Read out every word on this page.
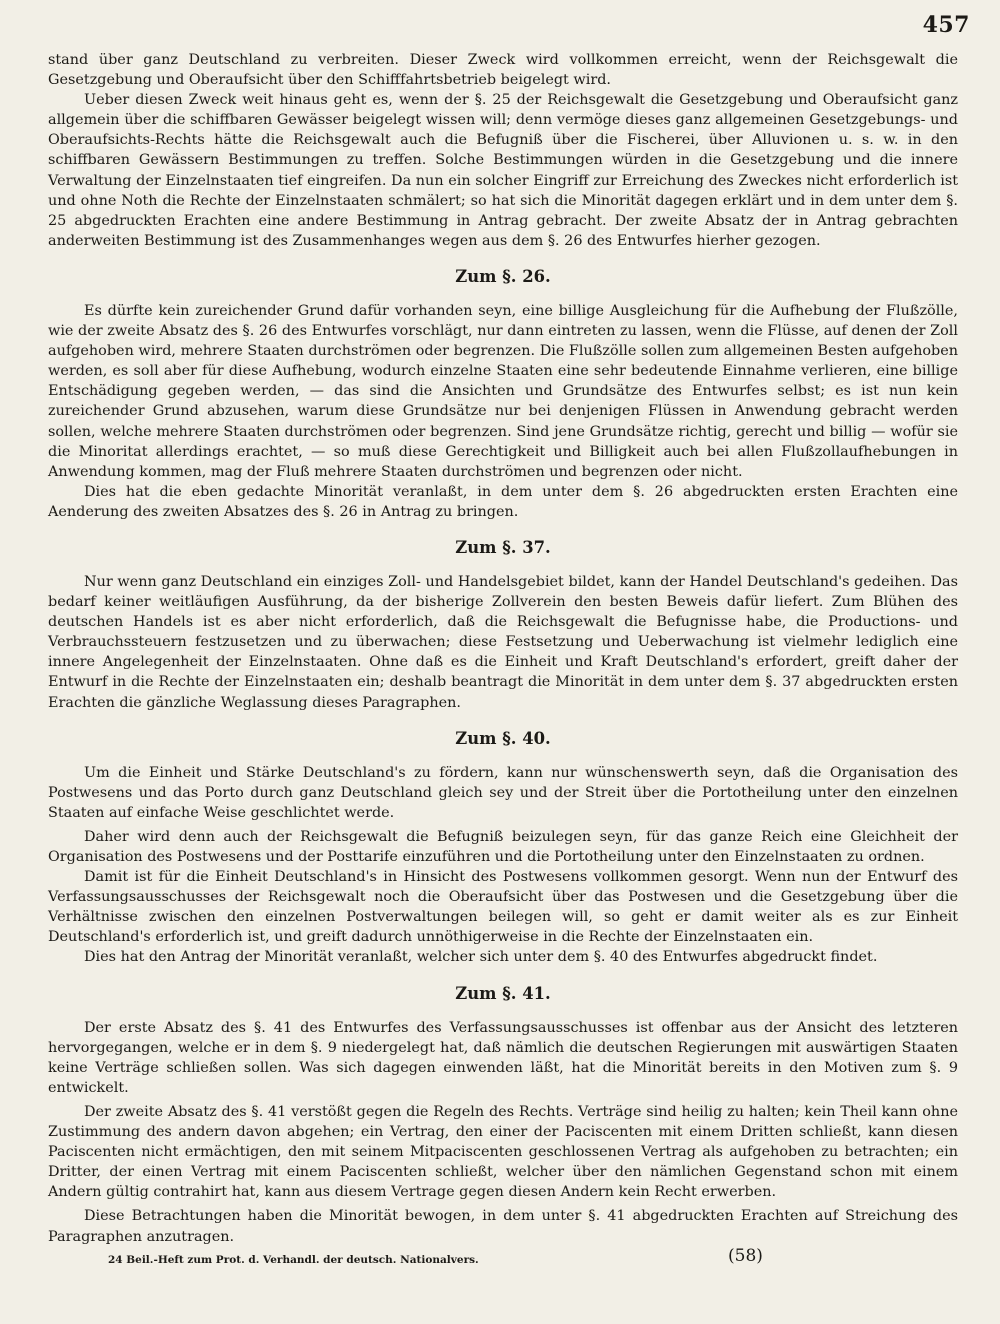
457

stand über ganz Deutschland zu verbreiten. Dieser Zweck wird vollkommen erreicht, wenn der Reichsgewalt die Gesetzgebung und Oberaufsicht über den Schifffahrtsbetrieb beigelegt wird.

Ueber diesen Zweck weit hinaus geht es, wenn der §. 25 der Reichsgewalt die Gesetzgebung und Oberaufsicht ganz allgemein über die schiffbaren Gewässer beigelegt wissen will; denn vermöge dieses ganz allgemeinen Gesetzgebungs- und Oberaufsichts-Rechts hätte die Reichsgewalt auch die Befugniß über die Fischerei, über Alluvionen u. s. w. in den schiffbaren Gewässern Bestimmungen zu treffen. Solche Bestimmungen würden in die Gesetzgebung und die innere Verwaltung der Einzelnstaaten tief eingreifen. Da nun ein solcher Eingriff zur Erreichung des Zweckes nicht erforderlich ist und ohne Noth die Rechte der Einzelnstaaten schmälert; so hat sich die Minorität dagegen erklärt und in dem unter dem §. 25 abgedruckten Erachten eine andere Bestimmung in Antrag gebracht. Der zweite Absatz der in Antrag gebrachten anderweiten Bestimmung ist des Zusammenhanges wegen aus dem §. 26 des Entwurfes hierher gezogen.

Zum §. 26.

Es dürfte kein zureichender Grund dafür vorhanden seyn, eine billige Ausgleichung für die Aufhebung der Flußzölle, wie der zweite Absatz des §. 26 des Entwurfes vorschlägt, nur dann eintreten zu lassen, wenn die Flüsse, auf denen der Zoll aufgehoben wird, mehrere Staaten durchströmen oder begrenzen. Die Flußzölle sollen zum allgemeinen Besten aufgehoben werden, es soll aber für diese Aufhebung, wodurch einzelne Staaten eine sehr bedeutende Einnahme verlieren, eine billige Entschädigung gegeben werden, — das sind die Ansichten und Grundsätze des Entwurfes selbst; es ist nun kein zureichender Grund abzusehen, warum diese Grundsätze nur bei denjenigen Flüssen in Anwendung gebracht werden sollen, welche mehrere Staaten durchströmen oder begrenzen. Sind jene Grundsätze richtig, gerecht und billig — wofür sie die Minoritat allerdings erachtet, — so muß diese Gerechtigkeit und Billigkeit auch bei allen Flußzollaufhebungen in Anwendung kommen, mag der Fluß mehrere Staaten durchströmen und begrenzen oder nicht.

Dies hat die eben gedachte Minorität veranlaßt, in dem unter dem §. 26 abgedruckten ersten Erachten eine Aenderung des zweiten Absatzes des §. 26 in Antrag zu bringen.

Zum §. 37.

Nur wenn ganz Deutschland ein einziges Zoll- und Handelsgebiet bildet, kann der Handel Deutschland's gedeihen. Das bedarf keiner weitläufigen Ausführung, da der bisherige Zollverein den besten Beweis dafür liefert. Zum Blühen des deutschen Handels ist es aber nicht erforderlich, daß die Reichsgewalt die Befugnisse habe, die Productions- und Verbrauchssteuern festzusetzen und zu überwachen; diese Festsetzung und Ueberwachung ist vielmehr lediglich eine innere Angelegenheit der Einzelnstaaten. Ohne daß es die Einheit und Kraft Deutschland's erfordert, greift daher der Entwurf in die Rechte der Einzelnstaaten ein; deshalb beantragt die Minorität in dem unter dem §. 37 abgedruckten ersten Erachten die gänzliche Weglassung dieses Paragraphen.

Zum §. 40.

Um die Einheit und Stärke Deutschland's zu fördern, kann nur wünschenswerth seyn, daß die Organisation des Postwesens und das Porto durch ganz Deutschland gleich sey und der Streit über die Portotheilung unter den einzelnen Staaten auf einfache Weise geschlichtet werde.

Daher wird denn auch der Reichsgewalt die Befugniß beizulegen seyn, für das ganze Reich eine Gleichheit der Organisation des Postwesens und der Posttarife einzuführen und die Portotheilung unter den Einzelnstaaten zu ordnen.

Damit ist für die Einheit Deutschland's in Hinsicht des Postwesens vollkommen gesorgt. Wenn nun der Entwurf des Verfassungsausschusses der Reichsgewalt noch die Oberaufsicht über das Postwesen und die Gesetzgebung über die Verhältnisse zwischen den einzelnen Postverwaltungen beilegen will, so geht er damit weiter als es zur Einheit Deutschland's erforderlich ist, und greift dadurch unnöthigerweise in die Rechte der Einzelnstaaten ein.

Dies hat den Antrag der Minorität veranlaßt, welcher sich unter dem §. 40 des Entwurfes abgedruckt findet.

Zum §. 41.

Der erste Absatz des §. 41 des Entwurfes des Verfassungsausschusses ist offenbar aus der Ansicht des letzteren hervorgegangen, welche er in dem §. 9 niedergelegt hat, daß nämlich die deutschen Regierungen mit auswärtigen Staaten keine Verträge schließen sollen. Was sich dagegen einwenden läßt, hat die Minorität bereits in den Motiven zum §. 9 entwickelt.

Der zweite Absatz des §. 41 verstößt gegen die Regeln des Rechts. Verträge sind heilig zu halten; kein Theil kann ohne Zustimmung des andern davon abgehen; ein Vertrag, den einer der Paciscenten mit einem Dritten schließt, kann diesen Paciscenten nicht ermächtigen, den mit seinem Mitpaciscenten geschlossenen Vertrag als aufgehoben zu betrachten; ein Dritter, der einen Vertrag mit einem Paciscenten schließt, welcher über den nämlichen Gegenstand schon mit einem Andern gültig contrahirt hat, kann aus diesem Vertrage gegen diesen Andern kein Recht erwerben.

Diese Betrachtungen haben die Minorität bewogen, in dem unter §. 41 abgedruckten Erachten auf Streichung des Paragraphen anzutragen.

24 Beil.-Heft zum Prot. d. Verhandl. der deutsch. Nationalvers.	(58)
